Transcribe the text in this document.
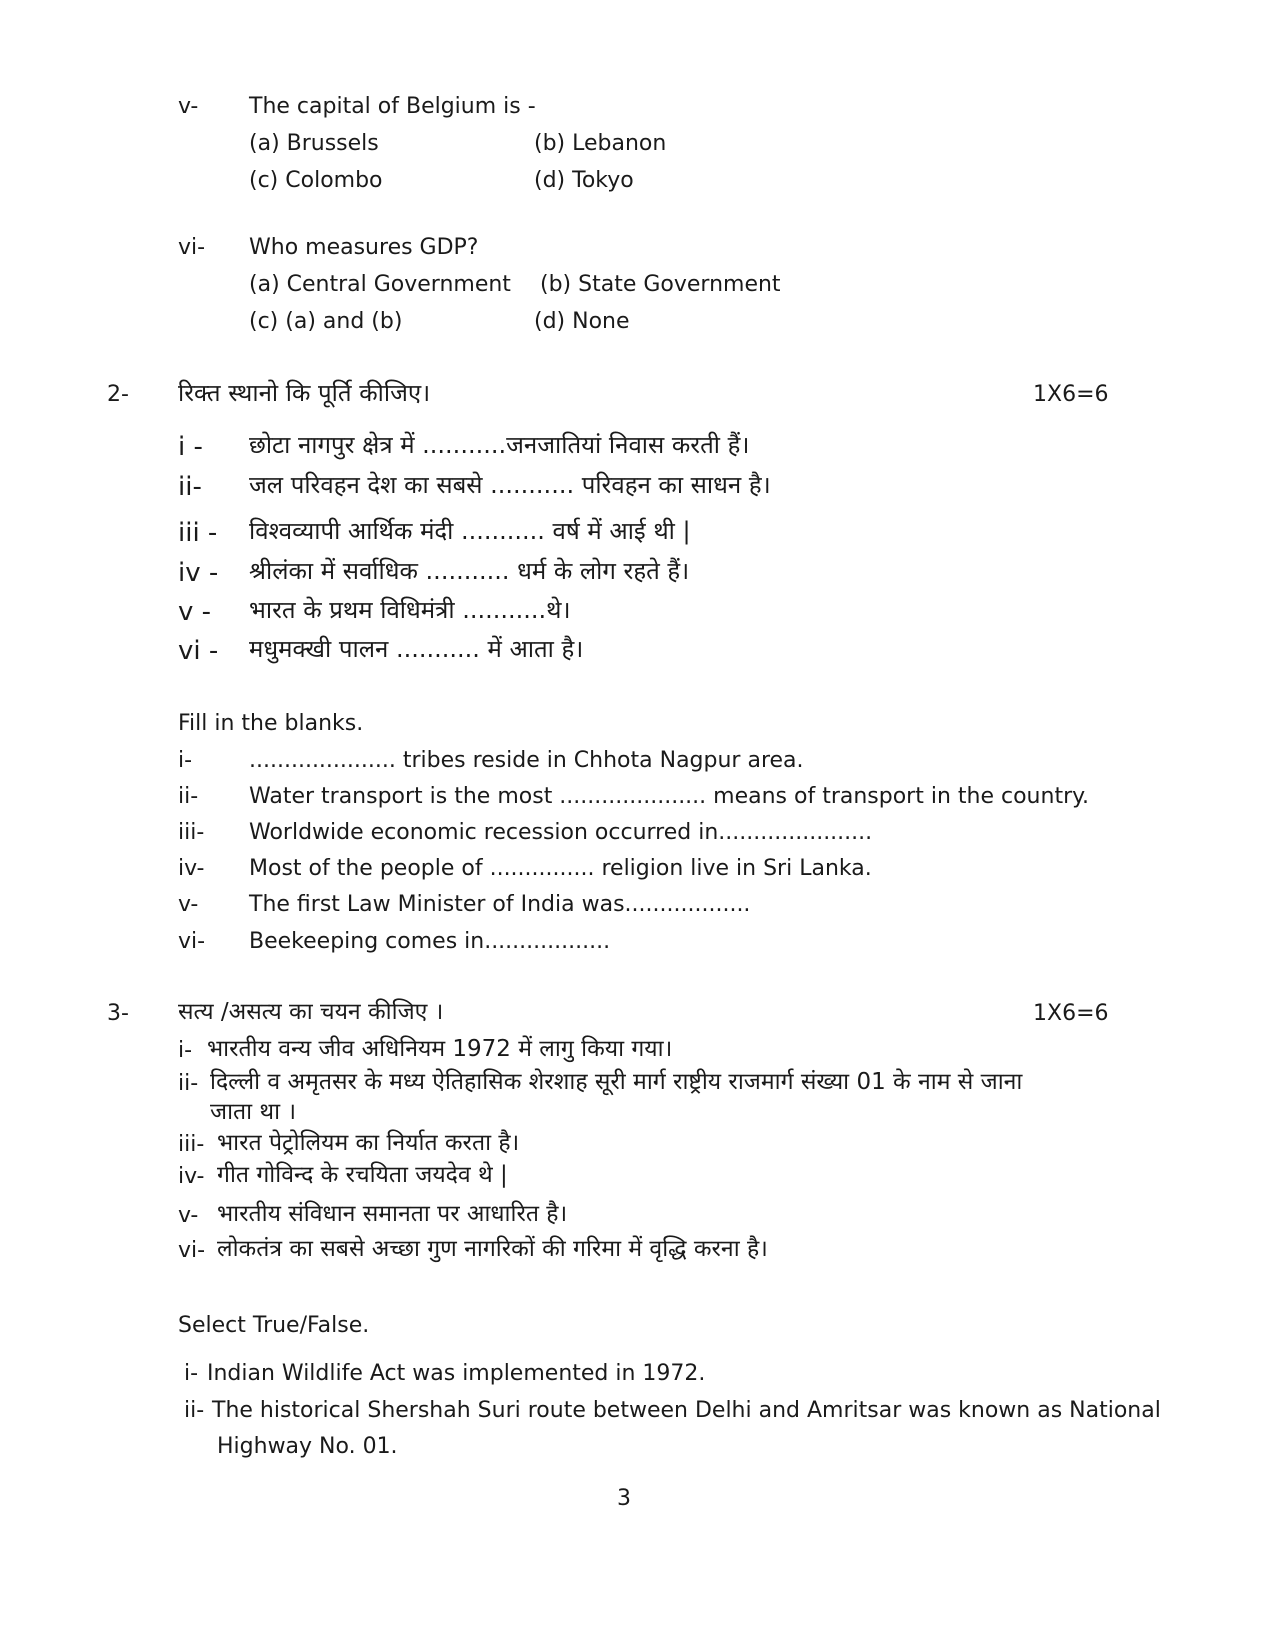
v- The capital of Belgium is -
(a) Brussels	(b) Lebanon
(c) Colombo	(d) Tokyo
vi- Who measures GDP?
(a) Central Government (b) State Government
(c) (a) and (b)	(d) None
2- रिक्त स्थानो कि पूर्ति कीजिए।	1X6=6
i - छोटा नागपुर क्षेत्र में ...........जनजातियां निवास करती हैं।
ii- जल परिवहन देश का सबसे ........... परिवहन का साधन है।
iii - विश्वव्यापी आर्थिक मंदी ........... वर्ष में आई थी |
iv - श्रीलंका में सर्वाधिक ........... धर्म के लोग रहते हैं।
v - भारत के प्रथम विधिमंत्री ...........थे।
vi - मधुमक्खी पालन ........... में आता है।
Fill in the blanks.
i-	..................... tribes reside in Chhota Nagpur area.
ii- Water transport is the most ..................... means of transport in the country.
iii- Worldwide economic recession occurred in......................
iv- Most of the people of ............... religion live in Sri Lanka.
v- The first Law Minister of India was..................
vi- Beekeeping comes in..................
3- सत्य /असत्य का चयन कीजिए ।	1X6=6
i- भारतीय वन्य जीव अधिनियम 1972 में लागु किया गया।
ii- दिल्ली व अमृतसर के मध्य ऐतिहासिक शेरशाह सूरी मार्ग राष्ट्रीय राजमार्ग संख्या 01 के नाम से जाना
जाता था ।
iii- भारत पेट्रोलियम का निर्यात करता है।
iv- गीत गोविन्द के रचयिता जयदेव थे |
v- भारतीय संविधान समानता पर आधारित है।
vi- लोकतंत्र का सबसे अच्छा गुण नागरिकों की गरिमा में वृद्धि करना है।
Select True/False.
i- Indian Wildlife Act was implemented in 1972.
ii- The historical Shershah Suri route between Delhi and Amritsar was known as National
Highway No. 01.
3
